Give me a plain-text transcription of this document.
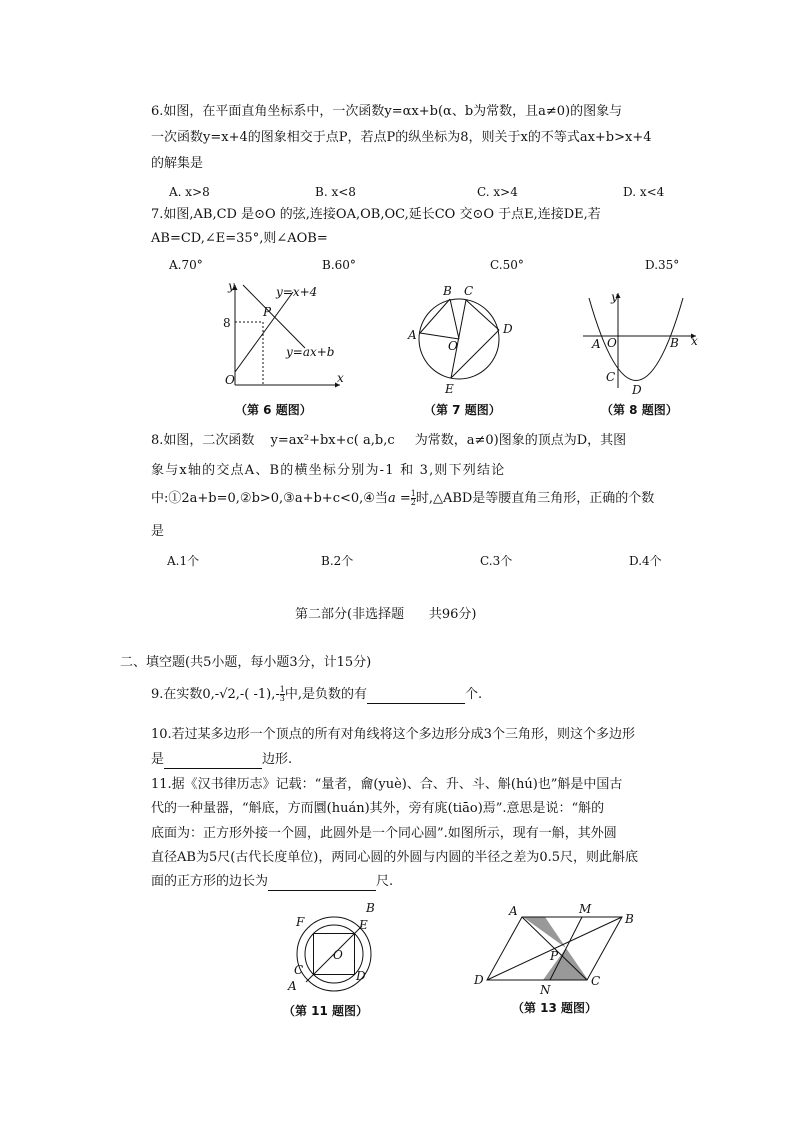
6.如图，在平面直角坐标系中，一次函数y=αx+b(α、b为常数，且a≠0)的图象与
一次函数y=x+4的图象相交于点P，若点P的纵坐标为8，则关于x的不等式ax+b>x+4
的解集是
A. x>8	B. x<8	C. x>4	D. x<4
7.如图,AB,CD 是⊙O 的弦,连接OA,OB,OC,延长CO 交⊙O 于点E,连接DE,若
AB=CD,∠E=35°,则∠AOB=
A.70°	B.60°	C.50°	D.35°
y
x
O
8
P
y=x+4
y=ax+b
（第 6 题图）
A
B C
D
E
O
（第 7 题图）
y
x
A O	B
C
D
（第 8 题图）
8.如图，二次函数 y=ax²+bx+c( a,b,c 为常数，a≠0)图象的顶点为D，其图
象与x轴的交点A、B的横坐标分别为-1 和 3,则下列结论
中:①2a+b=0,②b>0,③a+b+c<0,④当$a = \frac{1}{2}$ 时,△ABD是等腰直角三角形，正确的个数
是
A.1个	B.2个	C.3个	D.4个
第二部分(非选择题      共96分)
二、填空题(共5小题，每小题3分，计15分)
9.在实数0,-√2,-( $-1),- \frac{1}{3}$ 中,是负数的有	个.
10.若过某多边形一个顶点的所有对角线将这个多边形分成3个三角形，则这个多边形
是	边形.
11.据《汉书律历志》记载：“量者，龠(yuè)、合、升、斗、斛(hú)也”斛是中国古
代的一种量器，“斛底，方而圜(huán)其外，旁有庣(tiāo)焉”.意思是说：“斛的
底面为：正方形外接一个圆，此圆外是一个同心圆”.如图所示，现有一斛，其外圆
直径AB为5尺(古代长度单位)，两同心圆的外圆与内圆的半径之差为0.5尺，则此斛底
面的正方形的边长为	尺.
B
F	E
O
C	D
A
（第 11 题图）
A	M
B
P
D
N
C
（第 13 题图）
